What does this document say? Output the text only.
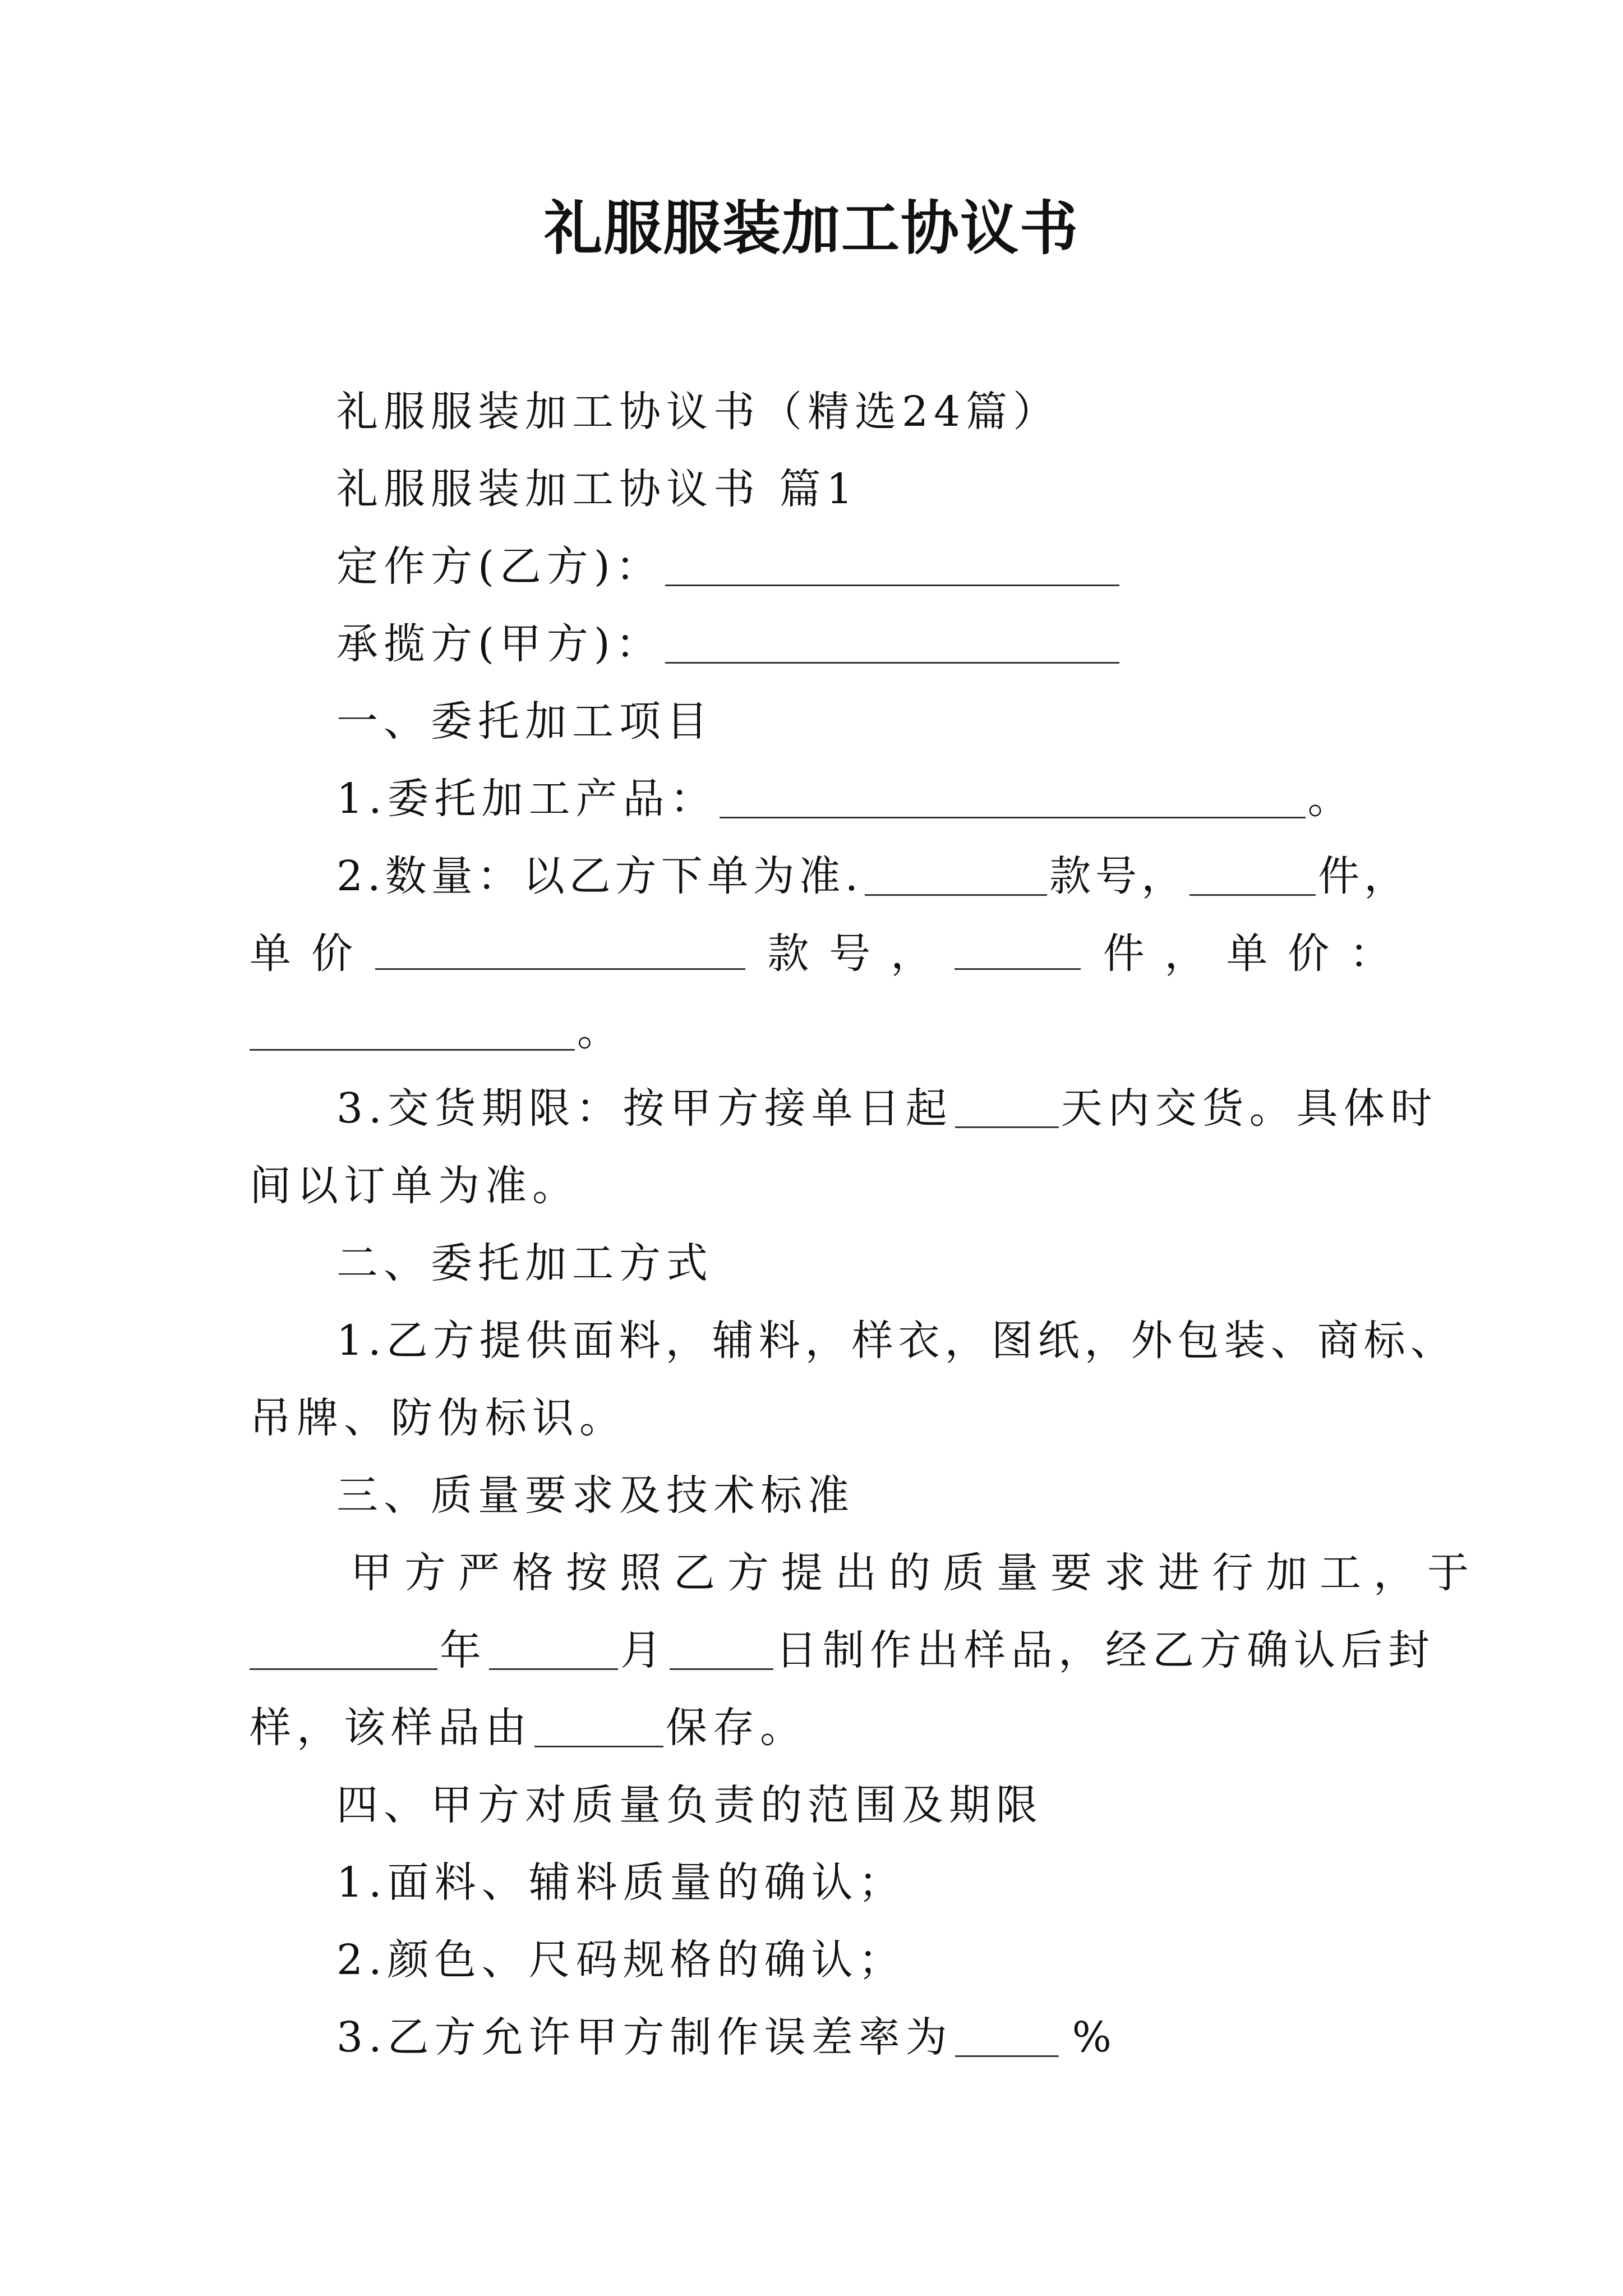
礼服服装加工协议书
礼服服装加工协议书（精选24篇）
礼服服装加工协议书 篇1
定作方(乙方)：
承揽方(甲方)：
一、委托加工项目
1.委托加工产品：	。
2.数量：以乙方下单为准.	款号，	件，
单 价	款 号 ，	件 ， 单 价 ：
。
3.交货期限：按甲方接单日起	天内交货。具体时
间以订单为准。
二、委托加工方式
1.乙方提供面料，辅料，样衣，图纸，外包装、商标、
吊牌、防伪标识。
三、质量要求及技术标准
甲方严格按照乙方提出的质量要求进行加工，于
年	月	日制作出样品，经乙方确认后封
样，该样品由	保存。
四、甲方对质量负责的范围及期限
1.面料、辅料质量的确认；
2.颜色、尺码规格的确认；
3.乙方允许甲方制作误差率为	%
